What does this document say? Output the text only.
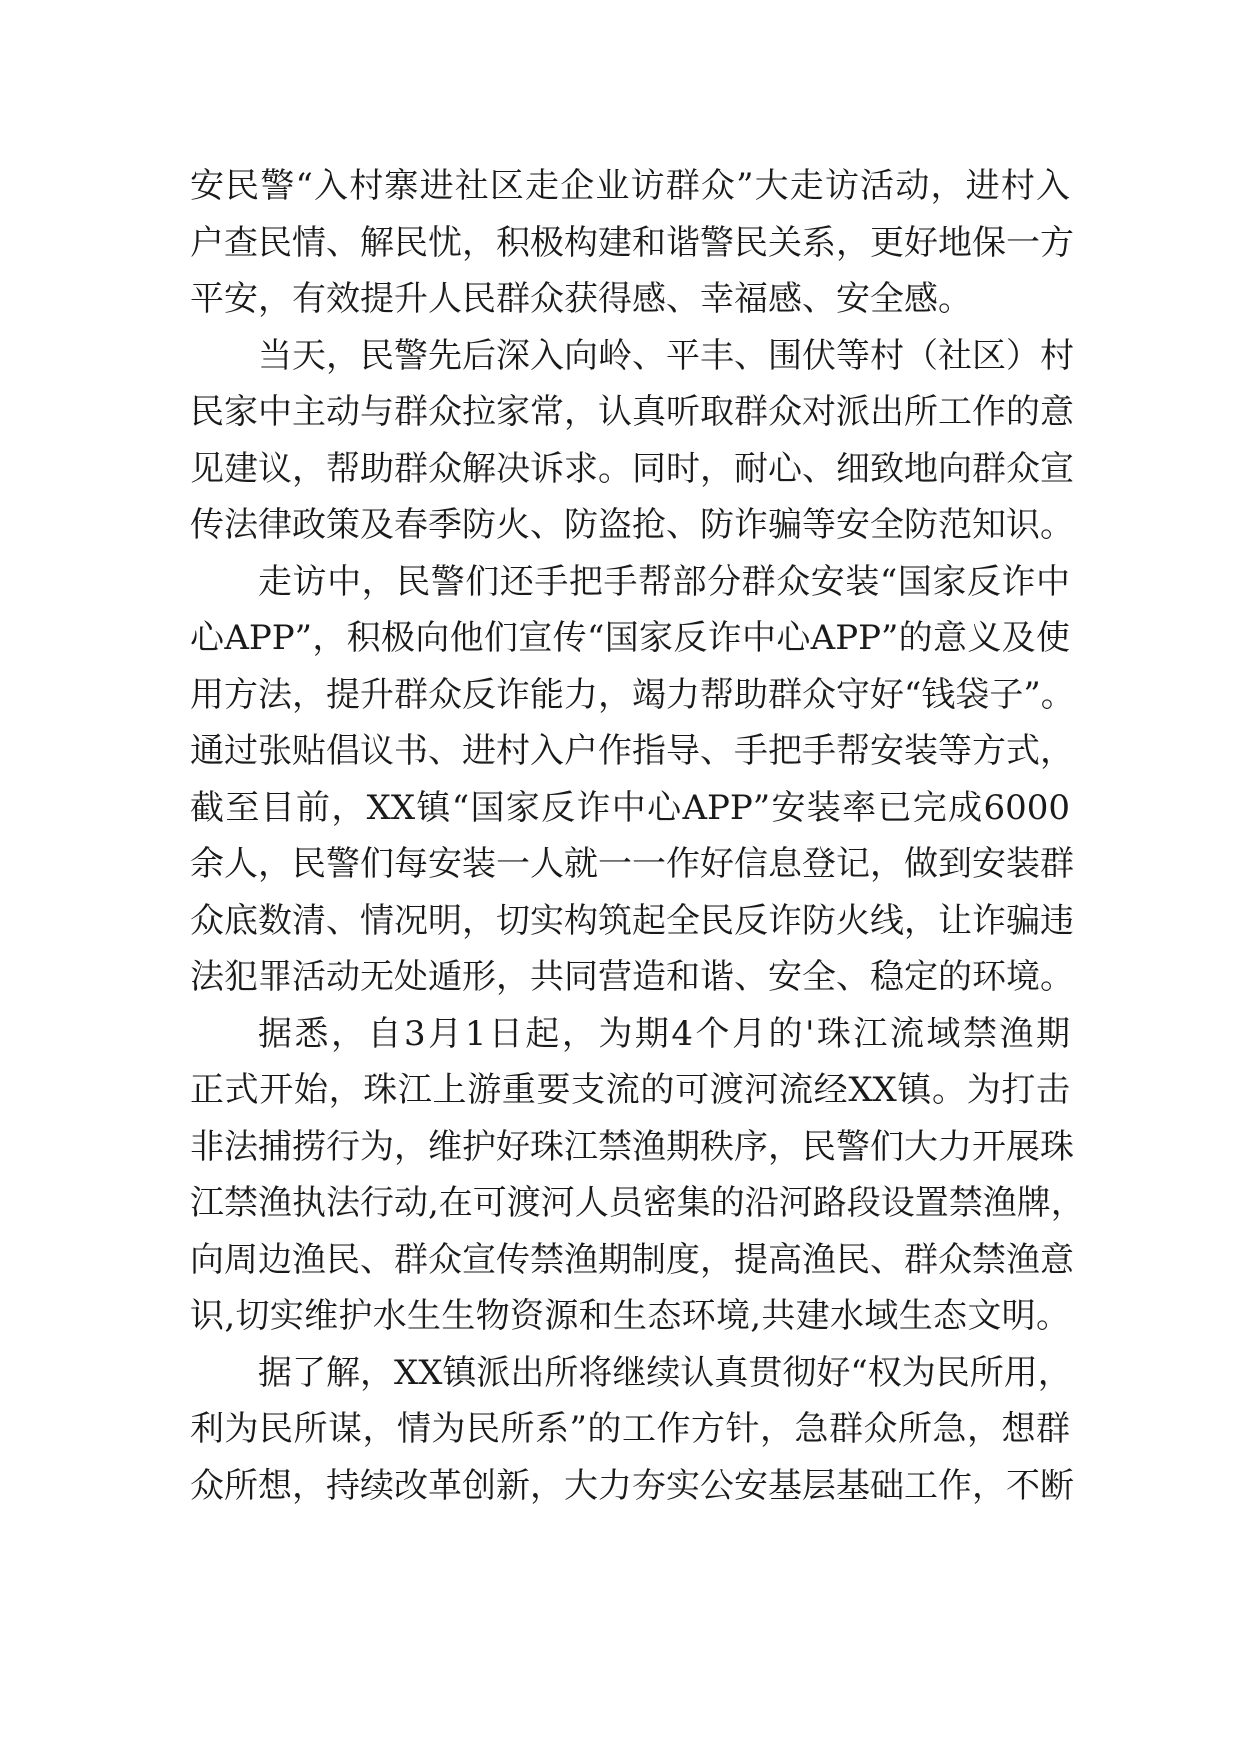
安民警“入村寨进社区走企业访群众”大走访活动，进村入
户查民情、解民忧，积极构建和谐警民关系，更好地保一方
平安，有效提升人民群众获得感、幸福感、安全感。
当天，民警先后深入向岭、平丰、围伏等村（社区）村
民家中主动与群众拉家常，认真听取群众对派出所工作的意
见建议，帮助群众解决诉求。同时，耐心、细致地向群众宣
传法律政策及春季防火、防盗抢、防诈骗等安全防范知识。
走访中，民警们还手把手帮部分群众安装“国家反诈中
心APP”，积极向他们宣传“国家反诈中心APP”的意义及使
用方法，提升群众反诈能力，竭力帮助群众守好“钱袋子”。
通过张贴倡议书、进村入户作指导、手把手帮安装等方式，
截至目前，XX镇“国家反诈中心APP”安装率已完成6000
余人，民警们每安装一人就一一作好信息登记，做到安装群
众底数清、情况明，切实构筑起全民反诈防火线，让诈骗违
法犯罪活动无处遁形，共同营造和谐、安全、稳定的环境。
据悉，自3月1日起，为期4个月的'珠江流域禁渔期
正式开始，珠江上游重要支流的可渡河流经XX镇。为打击
非法捕捞行为，维护好珠江禁渔期秩序，民警们大力开展珠
江禁渔执法行动,在可渡河人员密集的沿河路段设置禁渔牌，
向周边渔民、群众宣传禁渔期制度，提高渔民、群众禁渔意
识,切实维护水生生物资源和生态环境,共建水域生态文明。
据了解，XX镇派出所将继续认真贯彻好“权为民所用，
利为民所谋，情为民所系”的工作方针，急群众所急，想群
众所想，持续改革创新，大力夯实公安基层基础工作，不断
